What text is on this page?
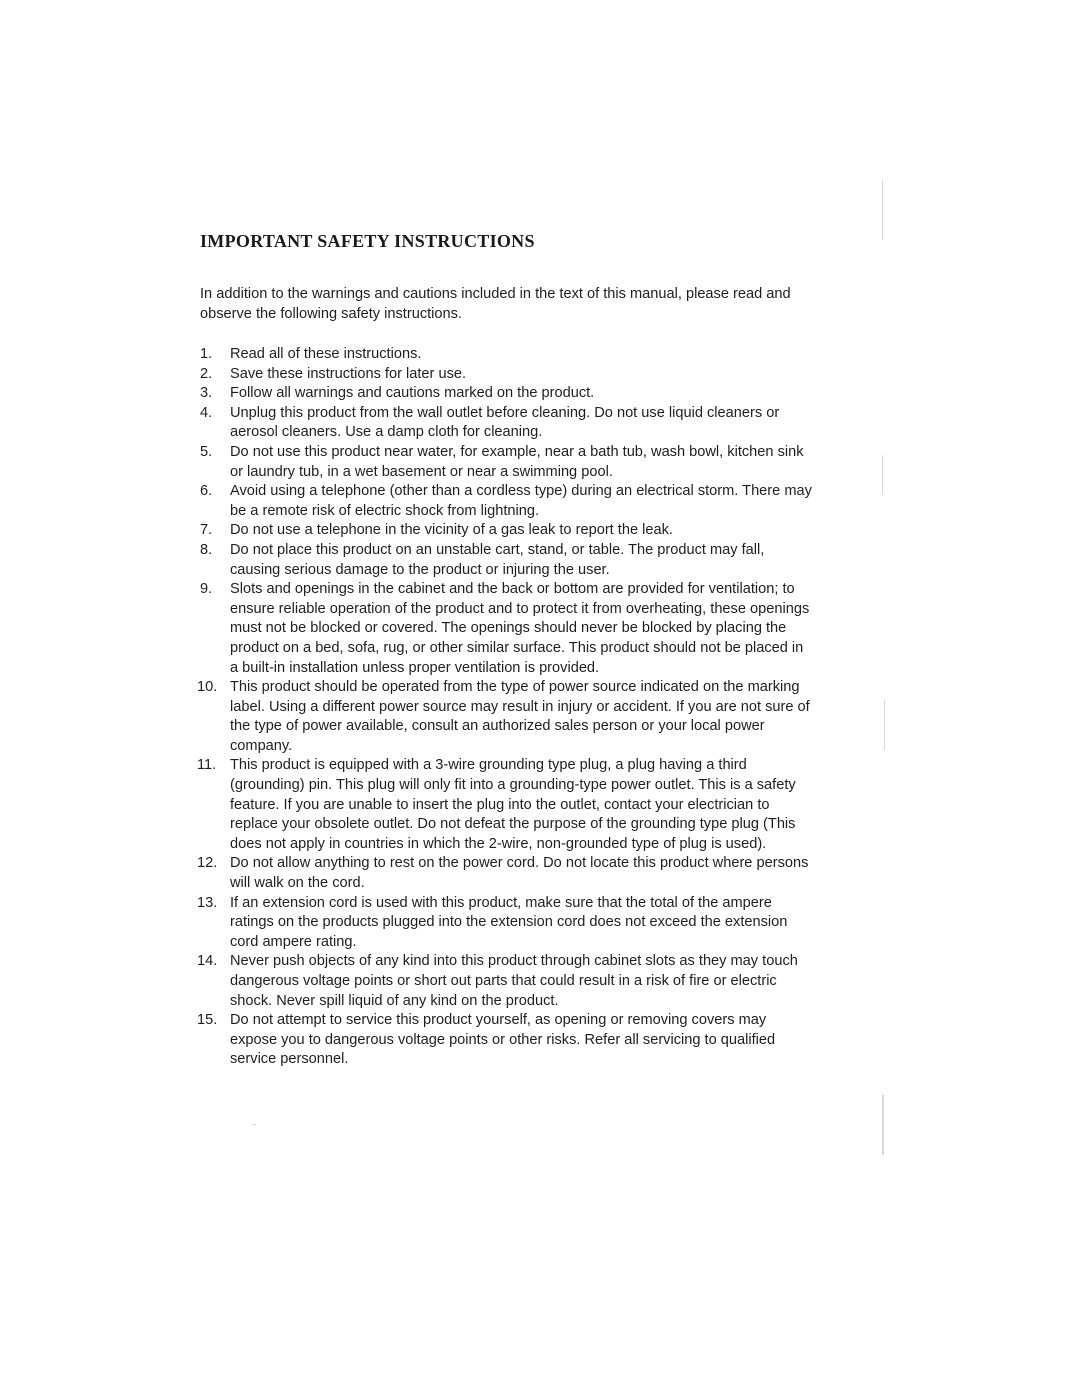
IMPORTANT SAFETY INSTRUCTIONS

In addition to the warnings and cautions included in the text of this manual, please read and observe the following safety instructions.

1.	Read all of these instructions.
2.	Save these instructions for later use.
3.	Follow all warnings and cautions marked on the product.
4.	Unplug this product from the wall outlet before cleaning. Do not use liquid cleaners or aerosol cleaners. Use a damp cloth for cleaning.
5.	Do not use this product near water, for example, near a bath tub, wash bowl, kitchen sink or laundry tub, in a wet basement or near a swimming pool.
6.	Avoid using a telephone (other than a cordless type) during an electrical storm. There may be a remote risk of electric shock from lightning.
7.	Do not use a telephone in the vicinity of a gas leak to report the leak.
8.	Do not place this product on an unstable cart, stand, or table. The product may fall, causing serious damage to the product or injuring the user.
9.	Slots and openings in the cabinet and the back or bottom are provided for ventilation; to ensure reliable operation of the product and to protect it from overheating, these openings must not be blocked or covered. The openings should never be blocked by placing the product on a bed, sofa, rug, or other similar surface. This product should not be placed in a built-in installation unless proper ventilation is provided.
10. This product should be operated from the type of power source indicated on the marking label. Using a different power source may result in injury or accident. If you are not sure of the type of power available, consult an authorized sales person or your local power company.
11. This product is equipped with a 3-wire grounding type plug, a plug having a third (grounding) pin. This plug will only fit into a grounding-type power outlet. This is a safety feature. If you are unable to insert the plug into the outlet, contact your electrician to replace your obsolete outlet. Do not defeat the purpose of the grounding type plug (This does not apply in countries in which the 2-wire, non-grounded type of plug is used).
12. Do not allow anything to rest on the power cord. Do not locate this product where persons will walk on the cord.
13. If an extension cord is used with this product, make sure that the total of the ampere ratings on the products plugged into the extension cord does not exceed the extension cord ampere rating.
14. Never push objects of any kind into this product through cabinet slots as they may touch dangerous voltage points or short out parts that could result in a risk of fire or electric shock. Never spill liquid of any kind on the product.
15. Do not attempt to service this product yourself, as opening or removing covers may expose you to dangerous voltage points or other risks. Refer all servicing to qualified service personnel.
